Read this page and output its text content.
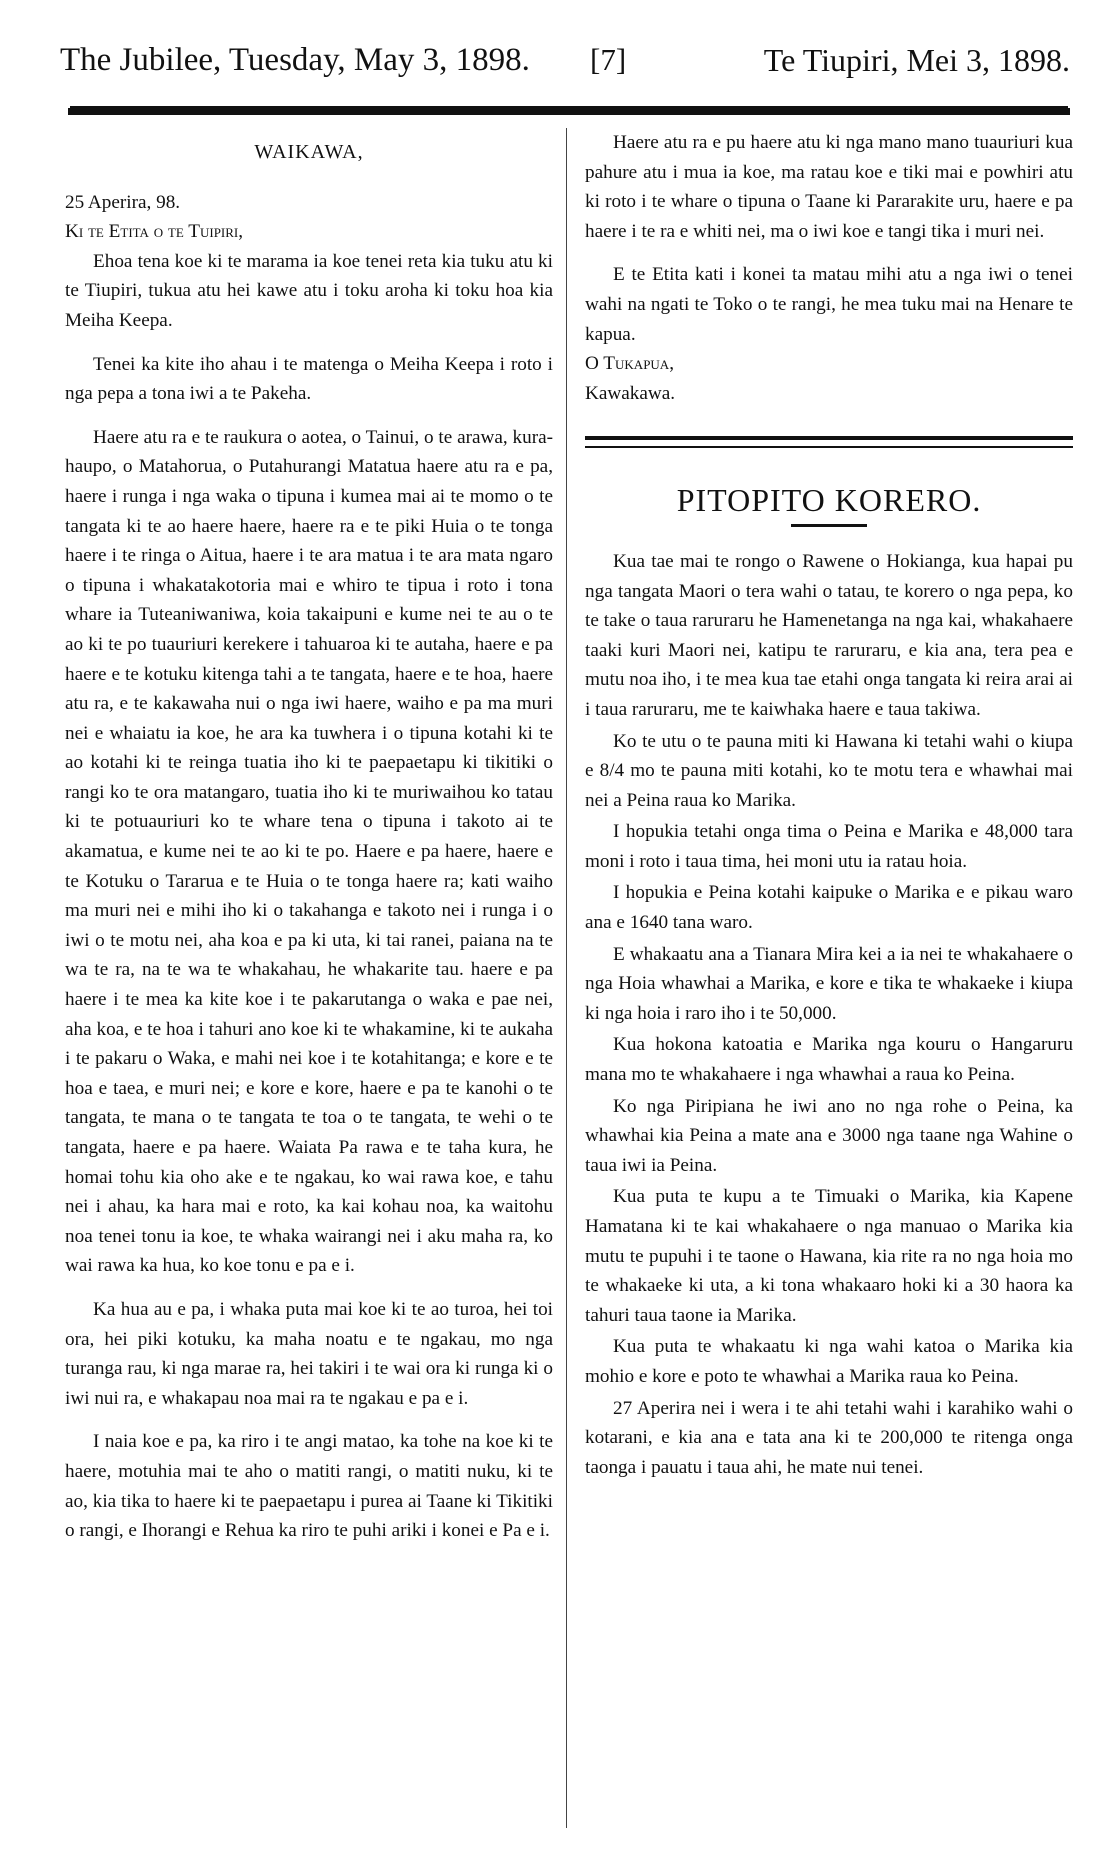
The Jubilee, Tuesday, May 3, 1898. [7]	Te Tiupiri, Mei 3, 1898.
WAIKAWA,

25 Aperira, 98.

Ki te Etita o te Tuipiri,

Ehoa tena koe ki te marama ia koe tenei reta kia tuku atu ki te Tiupiri, tukua atu hei kawe atu i toku aroha ki toku hoa kia Meiha Keepa.

Tenei ka kite iho ahau i te matenga o Meiha Keepa i roto i nga pepa a tona iwi a te Pakeha.

Haere atu ra e te raukura o aotea, o Tainui, o te arawa, kura-haupo, o Matahorua, o Putahurangi Matatua haere atu ra e pa, haere i runga i nga waka o tipuna i kumea mai ai te momo o te tangata ki te ao haere haere, haere ra e te piki Huia o te tonga haere i te ringa o Aitua, haere i te ara matua i te ara mata ngaro o tipuna i whakatakotoria mai e whiro te tipua i roto i tona whare ia Tuteaniwaniwa, koia takaipuni e kume nei te au o te ao ki te po tuauriuri kerekere i tahuaroa ki te autaha, haere e pa haere e te kotuku kitenga tahi a te tangata, haere e te hoa, haere atu ra, e te kakawaha nui o nga iwi haere, waiho e pa ma muri nei e whaiatu ia koe, he ara ka tuwhera i o tipuna kotahi ki te ao kotahi ki te reinga tuatia iho ki te paepaetapu ki tikitiki o rangi ko te ora matangaro, tuatia iho ki te muriwaihou ko tatau ki te potuauriuri ko te whare tena o tipuna i takoto ai te akamatua, e kume nei te ao ki te po. Haere e pa haere, haere e te Kotuku o Tararua e te Huia o te tonga haere ra; kati waiho ma muri nei e mihi iho ki o takahanga e takoto nei i runga i o iwi o te motu nei, aha koa e pa ki uta, ki tai ranei, paiana na te wa te ra, na te wa te whakahau, he whakarite tau. haere e pa haere i te mea ka kite koe i te pakarutanga o waka e pae nei, aha koa, e te hoa i tahuri ano koe ki te whakamine, ki te aukaha i te pakaru o Waka, e mahi nei koe i te kotahitanga; e kore e te hoa e taea, e muri nei; e kore e kore, haere e pa te kanohi o te tangata, te mana o te tangata te toa o te tangata, te wehi o te tangata, haere e pa haere. Waiata Pa rawa e te taha kura, he homai tohu kia oho ake e te ngakau, ko wai rawa koe, e tahu nei i ahau, ka hara mai e roto, ka kai kohau noa, ka waitohu noa tenei tonu ia koe, te whaka wairangi nei i aku maha ra, ko wai rawa ka hua, ko koe tonu e pa e i.

Ka hua au e pa, i whaka puta mai koe ki te ao turoa, hei toi ora, hei piki kotuku, ka maha noatu e te ngakau, mo nga turanga rau, ki nga marae ra, hei takiri i te wai ora ki runga ki o iwi nui ra, e whakapau noa mai ra te ngakau e pa e i.

I naia koe e pa, ka riro i te angi matao, ka tohe na koe ki te haere, motuhia mai te aho o matiti rangi, o matiti nuku, ki te ao, kia tika to haere ki te paepaetapu i purea ai Taane ki Tikitiki o rangi, e Ihorangi e Rehua ka riro te puhi ariki i konei e Pa e i.

Haere atu ra e pu haere atu ki nga mano mano tuauriuri kua pahure atu i mua ia koe, ma ratau koe e tiki mai e powhiri atu ki roto i te whare o tipuna o Taane ki Pararakite uru, haere e pa haere i te ra e whiti nei, ma o iwi koe e tangi tika i muri nei.

E te Etita kati i konei ta matau mihi atu a nga iwi o tenei wahi na ngati te Toko o te rangi, he mea tuku mai na Henare te kapua.

O Tukapua,

Kawakawa.

PITOPITO KORERO.

Kua tae mai te rongo o Rawene o Hokianga, kua hapai pu nga tangata Maori o tera wahi o tatau, te korero o nga pepa, ko te take o taua raruraru he Hamenetanga na nga kai, whakahaere taaki kuri Maori nei, katipu te raruraru, e kia ana, tera pea e mutu noa iho, i te mea kua tae etahi onga tangata ki reira arai ai i taua raruraru, me te kaiwhaka haere e taua takiwa.

Ko te utu o te pauna miti ki Hawana ki tetahi wahi o kiupa e 8/4 mo te pauna miti kotahi, ko te motu tera e whawhai mai nei a Peina raua ko Marika.

I hopukia tetahi onga tima o Peina e Marika e 48,000 tara moni i roto i taua tima, hei moni utu ia ratau hoia.

I hopukia e Peina kotahi kaipuke o Marika e e pikau waro ana e 1640 tana waro.

E whakaatu ana a Tianara Mira kei a ia nei te whakahaere o nga Hoia whawhai a Marika, e kore e tika te whakaeke i kiupa ki nga hoia i raro iho i te 50,000.

Kua hokona katoatia e Marika nga kouru o Hangaruru mana mo te whakahaere i nga whawhai a raua ko Peina.

Ko nga Piripiana he iwi ano no nga rohe o Peina, ka whawhai kia Peina a mate ana e 3000 nga taane nga Wahine o taua iwi ia Peina.

Kua puta te kupu a te Timuaki o Marika, kia Kapene Hamatana ki te kai whakahaere o nga manuao o Marika kia mutu te pupuhi i te taone o Hawana, kia rite ra no nga hoia mo te whakaeke ki uta, a ki tona whakaaro hoki ki a 30 haora ka tahuri taua taone ia Marika.

Kua puta te whakaatu ki nga wahi katoa o Marika kia mohio e kore e poto te whawhai a Marika raua ko Peina.

27 Aperira nei i wera i te ahi tetahi wahi i karahiko wahi o kotarani, e kia ana e tata ana ki te 200,000 te ritenga onga taonga i pauatu i taua ahi, he mate nui tenei.
